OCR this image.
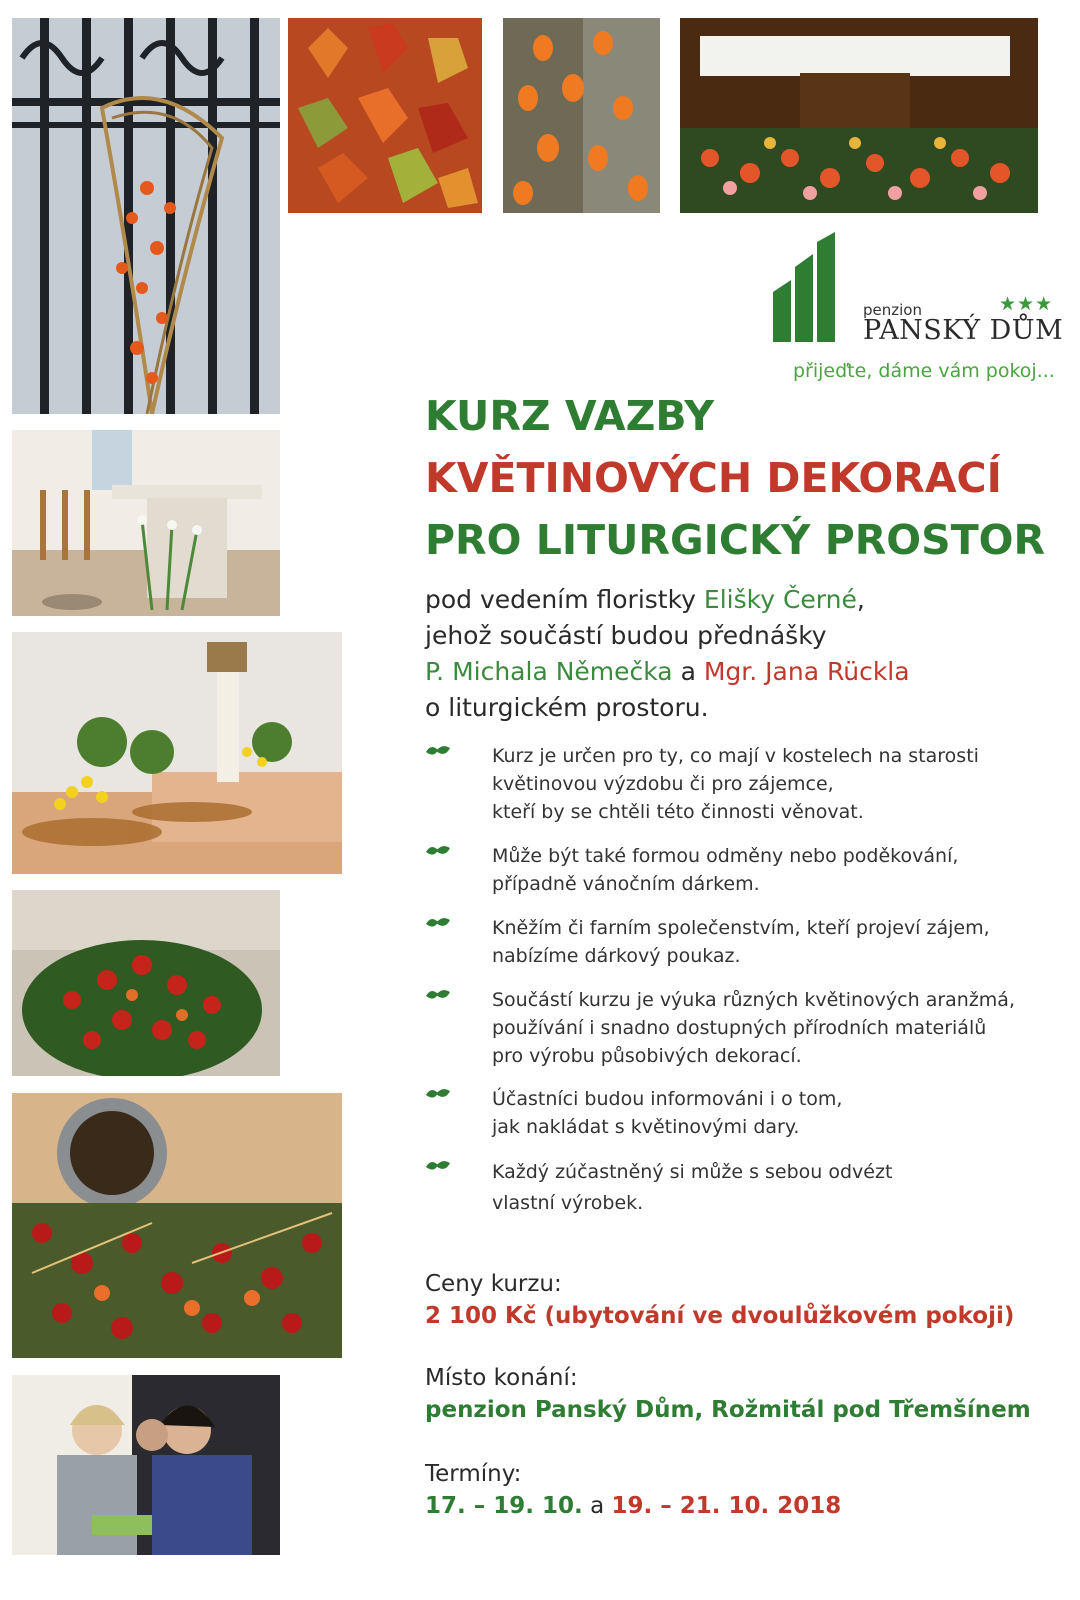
penzion
PANSKÝ DŮM
★★★
přijeďte, dáme vám pokoj...
KURZ VAZBY
KVĚTINOVÝCH DEKORACÍ
PRO LITURGICKÝ PROSTOR
pod vedením floristky Elišky Černé,
jehož součástí budou přednášky
P. Michala Němečka a Mgr. Jana Rückla
o liturgickém prostoru.
Kurz je určen pro ty, co mají v kostelech na starosti
květinovou výzdobu či pro zájemce,
kteří by se chtěli této činnosti věnovat.
Může být také formou odměny nebo poděkování,
případně vánočním dárkem.
Kněžím či farním společenstvím, kteří projeví zájem,
nabízíme dárkový poukaz.
Součástí kurzu je výuka různých květinových aranžmá,
používání i snadno dostupných přírodních materiálů
pro výrobu působivých dekorací.
Účastníci budou informováni i o tom,
jak nakládat s květinovými dary.
Každý zúčastněný si může s sebou odvézt
vlastní výrobek.
Ceny kurzu:
2 100 Kč (ubytování ve dvoulůžkovém pokoji)
Místo konání:
penzion Panský Dům, Rožmitál pod Třemšínem
Termíny:
17. – 19. 10. a 19. – 21. 10. 2018
